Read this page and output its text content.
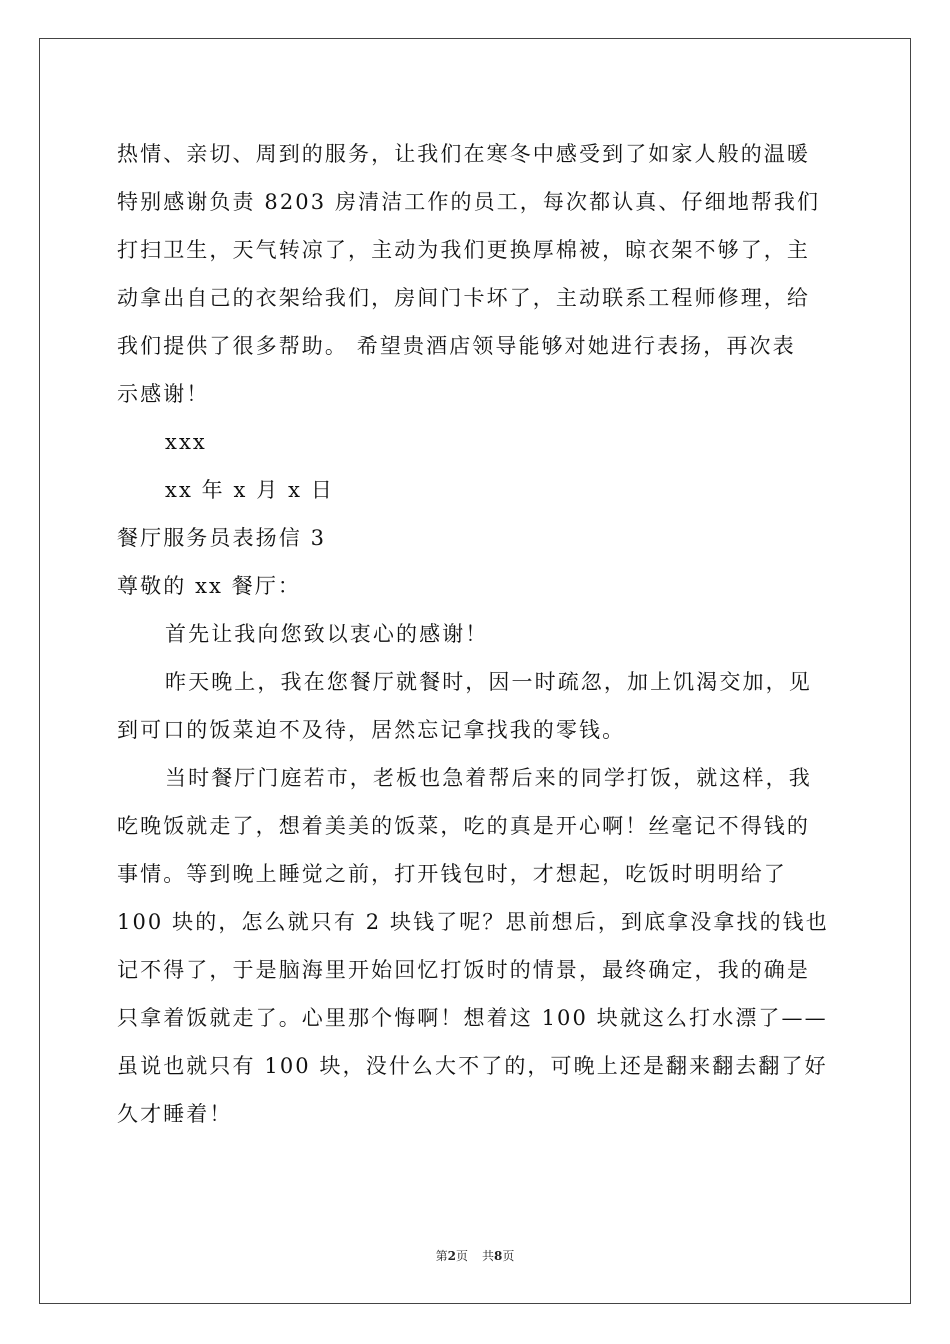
热情、亲切、周到的服务，让我们在寒冬中感受到了如家人般的温暖

特别感谢负责 8203 房清洁工作的员工，每次都认真、仔细地帮我们

打扫卫生，天气转凉了，主动为我们更换厚棉被，晾衣架不够了，主

动拿出自己的衣架给我们，房间门卡坏了，主动联系工程师修理，给

我们提供了很多帮助。 希望贵酒店领导能够对她进行表扬，再次表

示感谢！

xxx

xx 年 x 月 x 日

餐厅服务员表扬信 3

尊敬的 xx 餐厅：

首先让我向您致以衷心的感谢！

昨天晚上，我在您餐厅就餐时，因一时疏忽，加上饥渴交加，见

到可口的饭菜迫不及待，居然忘记拿找我的零钱。

当时餐厅门庭若市，老板也急着帮后来的同学打饭，就这样，我

吃晚饭就走了，想着美美的饭菜，吃的真是开心啊！丝毫记不得钱的

事情。等到晚上睡觉之前，打开钱包时，才想起，吃饭时明明给了

100 块的，怎么就只有 2 块钱了呢？思前想后，到底拿没拿找的钱也

记不得了，于是脑海里开始回忆打饭时的情景，最终确定，我的确是

只拿着饭就走了。心里那个悔啊！想着这 100 块就这么打水漂了——

虽说也就只有 100 块，没什么大不了的，可晚上还是翻来翻去翻了好

久才睡着！

第2页 共8页
